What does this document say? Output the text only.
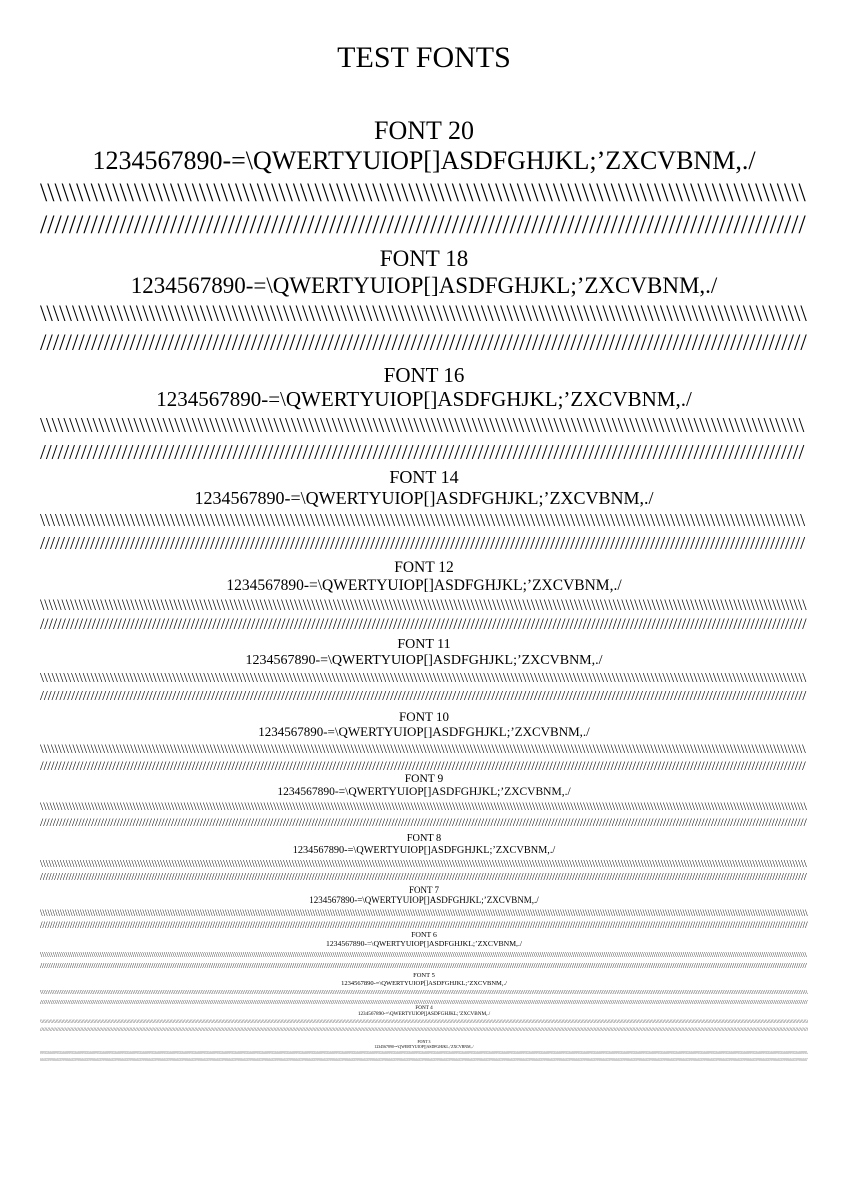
TEST FONTS
FONT 20
1234567890-=\QWERTYUIOP[]ASDFGHJKL;’ZXCVBNM,./
\\\\\\\\\\\\\\\\\\\\\\\\\\\\\\\\\\\\\\\\\\\\\\\\\\\\\\\\\\\\\\\\\\\\\\\\\\\\\\\\\\\\\\\\\\\\\\\\\\\\\\\\\\
//////////////////////////////////////////////////////////////////////////////////////////////////////////
FONT 18
1234567890-=\QWERTYUIOP[]ASDFGHJKL;’ZXCVBNM,./
\\\\\\\\\\\\\\\\\\\\\\\\\\\\\\\\\\\\\\\\\\\\\\\\\\\\\\\\\\\\\\\\\\\\\\\\\\\\\\\\\\\\\\\\\\\\\\\\\\\\\\\\\\\\\\\\\\\\\\\\
////////////////////////////////////////////////////////////////////////////////////////////////////////////////////////
FONT 16
1234567890-=\QWERTYUIOP[]ASDFGHJKL;’ZXCVBNM,./
\\\\\\\\\\\\\\\\\\\\\\\\\\\\\\\\\\\\\\\\\\\\\\\\\\\\\\\\\\\\\\\\\\\\\\\\\\\\\\\\\\\\\\\\\\\\\\\\\\\\\\\\\\\\\\\\\\\\\\\\\\\\\\\\\\\
///////////////////////////////////////////////////////////////////////////////////////////////////////////////////////////////////
FONT 14
1234567890-=\QWERTYUIOP[]ASDFGHJKL;’ZXCVBNM,./
\\\\\\\\\\\\\\\\\\\\\\\\\\\\\\\\\\\\\\\\\\\\\\\\\\\\\\\\\\\\\\\\\\\\\\\\\\\\\\\\\\\\\\\\\\\\\\\\\\\\\\\\\\\\\\\\\\\\\\\\\\\\\\\\\\\\\\\\\\\\\\\\\\\\\\\\\
/////////////////////////////////////////////////////////////////////////////////////////////////////////////////////////////////////////////////////////
FONT 12
1234567890-=\QWERTYUIOP[]ASDFGHJKL;’ZXCVBNM,./
\\\\\\\\\\\\\\\\\\\\\\\\\\\\\\\\\\\\\\\\\\\\\\\\\\\\\\\\\\\\\\\\\\\\\\\\\\\\\\\\\\\\\\\\\\\\\\\\\\\\\\\\\\\\\\\\\\\\\\\\\\\\\\\\\\\\\\\\\\\\\\\\\\\\\\\\\\\\\\\\\\\\\\\\\\\\\\\\\\
//////////////////////////////////////////////////////////////////////////////////////////////////////////////////////////////////////////////////////////////////////////////////
FONT 11
1234567890-=\QWERTYUIOP[]ASDFGHJKL;’ZXCVBNM,./
\\\\\\\\\\\\\\\\\\\\\\\\\\\\\\\\\\\\\\\\\\\\\\\\\\\\\\\\\\\\\\\\\\\\\\\\\\\\\\\\\\\\\\\\\\\\\\\\\\\\\\\\\\\\\\\\\\\\\\\\\\\\\\\\\\\\\\\\\\\\\\\\\\\\\\\\\\\\\\\\\\\\\\\\\\\\\\\\\\\\\\\\\\\\\\\\\\\\\
/////////////////////////////////////////////////////////////////////////////////////////////////////////////////////////////////////////////////////////////////////////////////////////////////////
FONT 10
1234567890-=\QWERTYUIOP[]ASDFGHJKL;’ZXCVBNM,./
\\\\\\\\\\\\\\\\\\\\\\\\\\\\\\\\\\\\\\\\\\\\\\\\\\\\\\\\\\\\\\\\\\\\\\\\\\\\\\\\\\\\\\\\\\\\\\\\\\\\\\\\\\\\\\\\\\\\\\\\\\\\\\\\\\\\\\\\\\\\\\\\\\\\\\\\\\\\\\\\\\\\\\\\\\\\\\\\\\\\\\\\\\\\\\\\\\\\\\\\\\\\\\\\\\\\
////////////////////////////////////////////////////////////////////////////////////////////////////////////////////////////////////////////////////////////////////////////////////////////////////////////////////
FONT 9
1234567890-=\QWERTYUIOP[]ASDFGHJKL;’ZXCVBNM,./
\\\\\\\\\\\\\\\\\\\\\\\\\\\\\\\\\\\\\\\\\\\\\\\\\\\\\\\\\\\\\\\\\\\\\\\\\\\\\\\\\\\\\\\\\\\\\\\\\\\\\\\\\\\\\\\\\\\\\\\\\\\\\\\\\\\\\\\\\\\\\\\\\\\\\\\\\\\\\\\\\\\\\\\\\\\\\\\\\\\\\\\\\\\\\\\\\\\\\\\\\\\\\\\\\\\\\\\\\\\\\\\\\\\\\\\\\\\\\\\\
////////////////////////////////////////////////////////////////////////////////////////////////////////////////////////////////////////////////////////////////////////////////////////////////////////////////////////////////////////////////
FONT 8
1234567890-=\QWERTYUIOP[]ASDFGHJKL;’ZXCVBNM,./
\\\\\\\\\\\\\\\\\\\\\\\\\\\\\\\\\\\\\\\\\\\\\\\\\\\\\\\\\\\\\\\\\\\\\\\\\\\\\\\\\\\\\\\\\\\\\\\\\\\\\\\\\\\\\\\\\\\\\\\\\\\\\\\\\\\\\\\\\\\\\\\\\\\\\\\\\\\\\\\\\\\\\\\\\\\\\\\\\\\\\\\\\\\\\\\\\\\\\\\\\\\\\\\\\\\\\\\\\\\\\\\\\\\\\\\\\\\\\\\\\\\\\\\\\\\\\\\\\\\\\\\\\\\\
////////////////////////////////////////////////////////////////////////////////////////////////////////////////////////////////////////////////////////////////////////////////////////////////////////////////////////////////////////////////////////////////////////////
FONT 7
1234567890-=\QWERTYUIOP[]ASDFGHJKL;’ZXCVBNM,./
\\\\\\\\\\\\\\\\\\\\\\\\\\\\\\\\\\\\\\\\\\\\\\\\\\\\\\\\\\\\\\\\\\\\\\\\\\\\\\\\\\\\\\\\\\\\\\\\\\\\\\\\\\\\\\\\\\\\\\\\\\\\\\\\\\\\\\\\\\\\\\\\\\\\\\\\\\\\\\\\\\\\\\\\\\\\\\\\\\\\\\\\\\\\\\\\\\\\\\\\\\\\\\\\\\\\\\\\\\\\\\\\\\\\\\\\\\\\\\\\\\\\\\\\\\\\\\\\\\\\\\\\\\\\\\\\\\\\\\\\\\\\\\\\\\\\\\\\\\\\\\\\\\\
///////////////////////////////////////////////////////////////////////////////////////////////////////////////////////////////////////////////////////////////////////////////////////////////////////////////////////////////////////////////////////////////////////////////////////////////////////////////////
FONT 6
1234567890-=\QWERTYUIOP[]ASDFGHJKL;’ZXCVBNM,./
\\\\\\\\\\\\\\\\\\\\\\\\\\\\\\\\\\\\\\\\\\\\\\\\\\\\\\\\\\\\\\\\\\\\\\\\\\\\\\\\\\\\\\\\\\\\\\\\\\\\\\\\\\\\\\\\\\\\\\\\\\\\\\\\\\\\\\\\\\\\\\\\\\\\\\\\\\\\\\\\\\\\\\\\\\\\\\\\\\\\\\\\\\\\\\\\\\\\\\\\\\\\\\\\\\\\\\\\\\\\\\\\\\\\\\\\\\\\\\\\\\\\\\\\\\\\\\\\\\\\\\\\\\\\\\\\\\\\\\\\\\\\\\\\\\\\\\\\\\\\\\\\\\\\\\\\\\\\\\\\\\\\\\\\\\\\\\\\\\\\\\\\\\\\\\\\\\\\\\\
///////////////////////////////////////////////////////////////////////////////////////////////////////////////////////////////////////////////////////////////////////////////////////////////////////////////////////////////////////////////////////////////////////////////////////////////////////////////////////////////////////////////////////////////////////
FONT 5
1234567890-=\QWERTYUIOP[]ASDFGHJKL;’ZXCVBNM,./
\\\\\\\\\\\\\\\\\\\\\\\\\\\\\\\\\\\\\\\\\\\\\\\\\\\\\\\\\\\\\\\\\\\\\\\\\\\\\\\\\\\\\\\\\\\\\\\\\\\\\\\\\\\\\\\\\\\\\\\\\\\\\\\\\\\\\\\\\\\\\\\\\\\\\\\\\\\\\\\\\\\\\\\\\\\\\\\\\\\\\\\\\\\\\\\\\\\\\\\\\\\\\\\\\\\\\\\\\\\\\\\\\\\\\\\\\\\\\\\\\\\\\\\\\\\\\\\\\\\\\\\\\\\\\\\\\\\\\\\\\\\\\\\\\\\\\\\\\\\\\\\\\\\\\\\\\\\\\\\\\\\\\\\\\\\\\\\\\\\\\\\\\\\\\\\\\\\\\\\\\\\\\\\\\\\\\\\\\\\\\\\\\\\\\\\\\\\\\\\\\\\\\\\\\\\\\\\\\\\\\\\\\
/////////////////////////////////////////////////////////////////////////////////////////////////////////////////////////////////////////////////////////////////////////////////////////////////////////////////////////////////////////////////////////////////////////////////////////////////////////////////////////////////////////////////////////////////////////////////////////////////////////////////////////////////////////
FONT 4
1234567890-=\QWERTYUIOP[]ASDFGHJKL;’ZXCVBNM,./
\\\\\\\\\\\\\\\\\\\\\\\\\\\\\\\\\\\\\\\\\\\\\\\\\\\\\\\\\\\\\\\\\\\\\\\\\\\\\\\\\\\\\\\\\\\\\\\\\\\\\\\\\\\\\\\\\\\\\\\\\\\\\\\\\\\\\\\\\\\\\\\\\\\\\\\\\\\\\\\\\\\\\\\\\\\\\\\\\\\\\\\\\\\\\\\\\\\\\\\\\\\\\\\\\\\\\\\\\\\\\\\\\\\\\\\\\\\\\\\\\\\\\\\\\\\\\\\\\\\\\\\\\\\\\\\\\\\\\\\\\\\\\\\\\\\\\\\\\\\\\\\\\\\\\\\\\\\\\\\\\\\\\\\\\\\\\\\\\\\\\\\\\\\\\\\\\\\\\\\\\\\\\\\\\\\\\\\\\\\\\\\\\\\\\\\\\\\\\\\\\\\\\\\\\\\\\\\\\\\\\\\\\\\\\\\\\\\\\\\\\\\\\\\\\\\\\\\\\\\\\\\\\\\\\\\\\\\\\\\\\\\\\\\\\\\\\\\\\\\\\\\\\\\\\\\\\\\\\\\\\\\\\\\\\\\\\
/////////////////////////////////////////////////////////////////////////////////////////////////////////////////////////////////////////////////////////////////////////////////////////////////////////////////////////////////////////////////////////////////////////////////////////////////////////////////////////////////////////////////////////////////////////////////////////////////////////////////////////////////////////////////////////////////////////////////////////////////////////////////////////////////////////////////////
FONT 3
1234567890-=\QWERTYUIOP[]ASDFGHJKL;’ZXCVBNM,./
\\\\\\\\\\\\\\\\\\\\\\\\\\\\\\\\\\\\\\\\\\\\\\\\\\\\\\\\\\\\\\\\\\\\\\\\\\\\\\\\\\\\\\\\\\\\\\\\\\\\\\\\\\\\\\\\\\\\\\\\\\\\\\\\\\\\\\\\\\\\\\\\\\\\\\\\\\\\\\\\\\\\\\\\\\\\\\\\\\\\\\\\\\\\\\\\\\\\\\\\\\\\\\\\\\\\\\\\\\\\\\\\\\\\\\\\\\\\\\\\\\\\\\\\\\\\\\\\\\\\\\\\\\\\\\\\\\\\\\\\\\\\\\\\\\\\\\\\\\\\\\\\\\\\\\\\\\\\\\\\\\\\\\\\\\\\\\\\\\\\\\\\\\\\\\\\\\\\\\\\\\\\\\\\\\\\\\\\\\\\\\\\\\\\\\\\\\\\\\\\\\\\\\\\\\\\\\\\\\\\\\\\\\\\\\\\\\\\\\\\\\\\\\\\\\\\\\\\\\\\\\\\\\\\\\\\\\\\\\\\\\\\\\\\\\\\\\\\\\\\\\\\\\\\\\\\\\\\\\\\\\\\\\\\\\\\\\\\\\\\\\\\\\\\\\\\\\\\\\\\\\\\\\\\\\\\\\\\\\\\\\\\\\\\\\\\\\\\\\\\\\\\\\\\\\\\\\\\\\\\\\\\\\\\\\\\\\\\\\\\\\\\\\\\\\\\\\\\\\\\\\\\\\\\\\\\\\\\\\\\\\\\\\\\\\\\\\\\\\\\\\\\\\\\\\
//////////////////////////////////////////////////////////////////////////////////////////////////////////////////////////////////////////////////////////////////////////////////////////////////////////////////////////////////////////////////////////////////////////////////////////////////////////////////////////////////////////////////////////////////////////////////////////////////////////////////////////////////////////////////////////////////////////////////////////////////////////////////////////////////////////////////////////////////////////////////////////////////////////////////////////////////////////////////////////////////////////////////////////////////////////////////////////////////////
